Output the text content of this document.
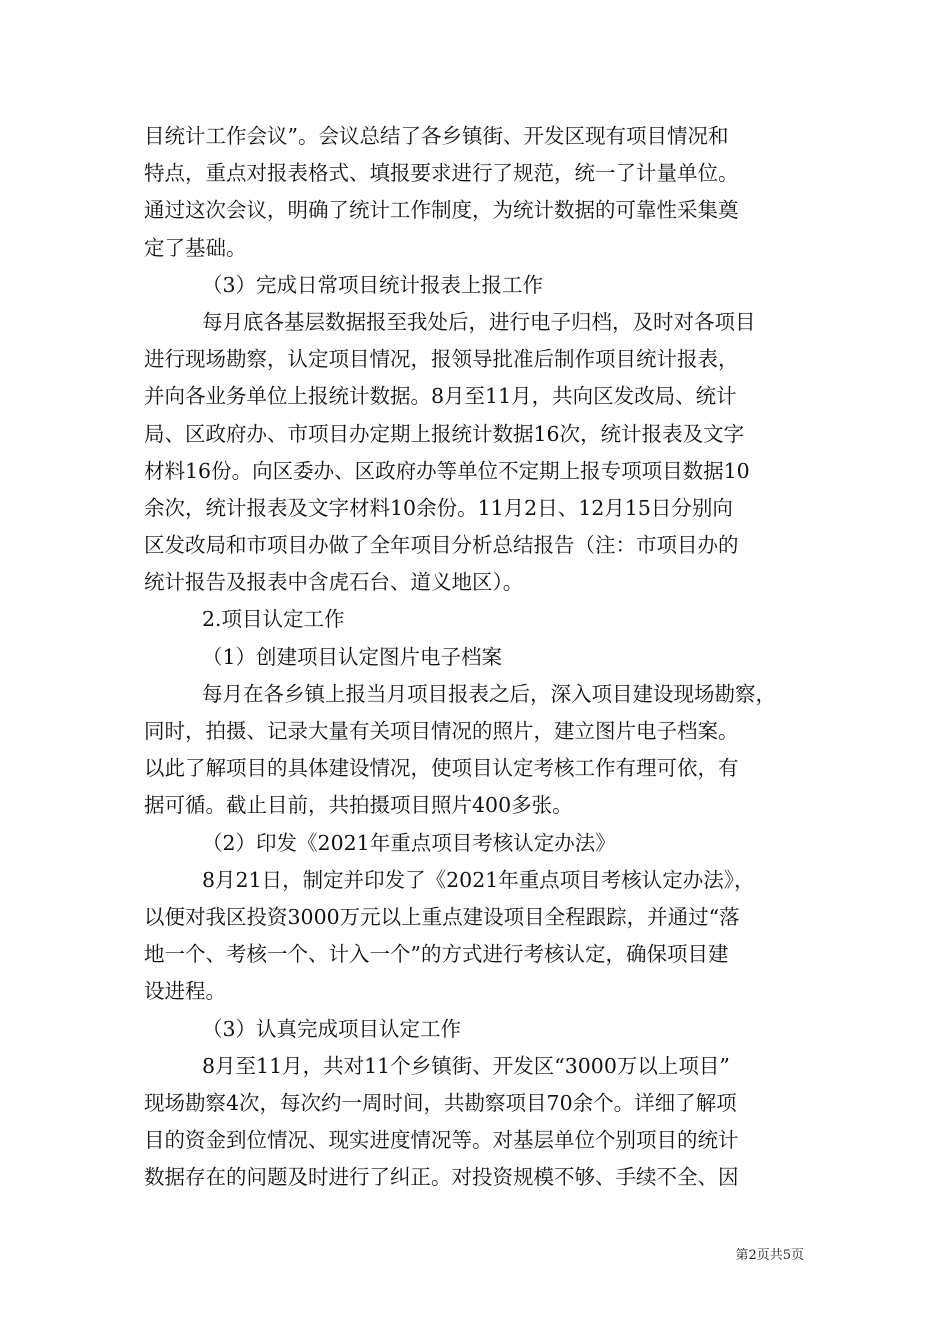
目统计工作会议”。会议总结了各乡镇街、开发区现有项目情况和
特点，重点对报表格式、填报要求进行了规范，统一了计量单位。
通过这次会议，明确了统计工作制度，为统计数据的可靠性采集奠
定了基础。
（3）完成日常项目统计报表上报工作
每月底各基层数据报至我处后，进行电子归档，及时对各项目
进行现场勘察，认定项目情况，报领导批准后制作项目统计报表，
并向各业务单位上报统计数据。8月至11月，共向区发改局、统计
局、区政府办、市项目办定期上报统计数据16次，统计报表及文字
材料16份。向区委办、区政府办等单位不定期上报专项项目数据10
余次，统计报表及文字材料10余份。11月2日、12月15日分别向
区发改局和市项目办做了全年项目分析总结报告（注：市项目办的
统计报告及报表中含虎石台、道义地区）。
2.项目认定工作
（1）创建项目认定图片电子档案
每月在各乡镇上报当月项目报表之后，深入项目建设现场勘察，
同时，拍摄、记录大量有关项目情况的照片，建立图片电子档案。
以此了解项目的具体建设情况，使项目认定考核工作有理可依，有
据可循。截止目前，共拍摄项目照片400多张。
（2）印发《2021年重点项目考核认定办法》
8月21日，制定并印发了《2021年重点项目考核认定办法》，
以便对我区投资3000万元以上重点建设项目全程跟踪，并通过“落
地一个、考核一个、计入一个”的方式进行考核认定，确保项目建
设进程。
（3）认真完成项目认定工作
8月至11月，共对11个乡镇街、开发区“3000万以上项目”
现场勘察4次，每次约一周时间，共勘察项目70余个。详细了解项
目的资金到位情况、现实进度情况等。对基层单位个别项目的统计
数据存在的问题及时进行了纠正。对投资规模不够、手续不全、因
第2页共5页
